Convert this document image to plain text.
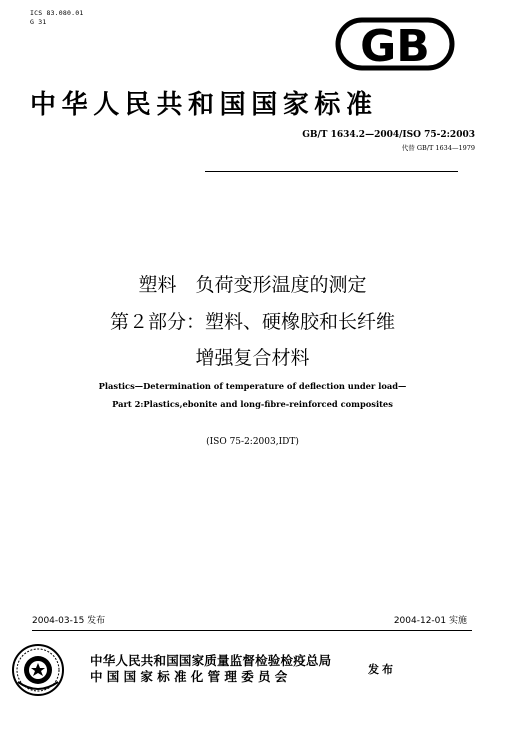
ICS 83.080.01
G 31	GB
中华人民共和国国家标准
GB/T 1634.2—2004/ISO 75-2:2003
代替 GB/T 1634—1979
塑料　负荷变形温度的测定
第２部分：塑料、硬橡胶和长纤维
增强复合材料
Plastics—Determination of temperature of deflection under load—
Part 2:Plastics,ebonite and long-fibre-reinforced composites
(ISO 75-2:2003,IDT)
2004-03-15 发布	2004-12-01 实施
中华人民共和国国家质量监督检验检疫总局
中国国家标准化管理委员会	发布
